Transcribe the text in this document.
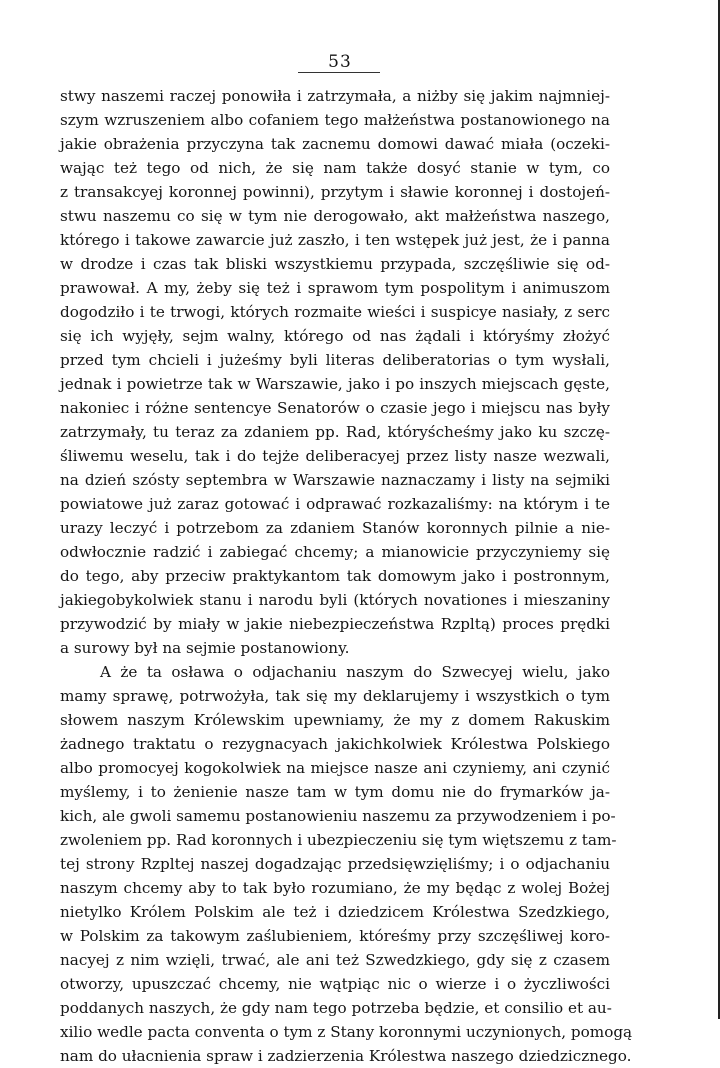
53
stwy naszemi raczej ponowiła i zatrzymała, a niżby się jakim najmniej-
szym wzruszeniem albo cofaniem tego małżeństwa postanowionego na
jakie obrażenia przyczyna tak zacnemu domowi dawać miała (oczeki-
wając też tego od nich, że się nam także dosyć stanie w tym, co
z transakcyej koronnej powinni), przytym i sławie koronnej i dostojeń-
stwu naszemu co się w tym nie derogowało, akt małżeństwa naszego,
którego i takowe zawarcie już zaszło, i ten wstępek już jest, że i panna
w drodze i czas tak bliski wszystkiemu przypada, szczęśliwie się od-
prawował. A my, żeby się też i sprawom tym pospolitym i animuszom
dogodziło i te trwogi, których rozmaite wieści i suspicye nasiały, z serc
się ich wyjęły, sejm walny, którego od nas żądali i któryśmy złożyć
przed tym chcieli i jużeśmy byli literas deliberatorias o tym wysłali,
jednak i powietrze tak w Warszawie, jako i po inszych miejscach gęste,
nakoniec i różne sentencye Senatorów o czasie jego i miejscu nas były
zatrzymały, tu teraz za zdaniem pp. Rad, któryścheśmy jako ku szczę-
śliwemu weselu, tak i do tejże deliberacyej przez listy nasze wezwali,
na dzień szósty septembra w Warszawie naznaczamy i listy na sejmiki
powiatowe już zaraz gotować i odprawać rozkazaliśmy: na którym i te
urazy leczyć i potrzebom za zdaniem Stanów koronnych pilnie a nie-
odwłocznie radzić i zabiegać chcemy; a mianowicie przyczyniemy się
do tego, aby przeciw praktykantom tak domowym jako i postronnym,
jakiegobykolwiek stanu i narodu byli (których novationes i mieszaniny
przywodzić by miały w jakie niebezpieczeństwa Rzpltą) proces prędki
a surowy był na sejmie postanowiony.
A że ta osława o odjachaniu naszym do Szwecyej wielu, jako
mamy sprawę, potrwożyła, tak się my deklarujemy i wszystkich o tym
słowem naszym Królewskim upewniamy, że my z domem Rakuskim
żadnego traktatu o rezygnacyach jakichkolwiek Królestwa Polskiego
albo promocyej kogokolwiek na miejsce nasze ani czyniemy, ani czynić
myślemy, i to żenienie nasze tam w tym domu nie do frymarków ja-
kich, ale gwoli samemu postanowieniu naszemu za przywodzeniem i po-
zwoleniem pp. Rad koronnych i ubezpieczeniu się tym więtszemu z tam-
tej strony Rzpltej naszej dogadzając przedsięwzięliśmy; i o odjachaniu
naszym chcemy aby to tak było rozumiano, że my będąc z wolej Bożej
nietylko Królem Polskim ale też i dziedzicem Królestwa Szedzkiego,
w Polskim za takowym zaślubieniem, któreśmy przy szczęśliwej koro-
nacyej z nim wzięli, trwać, ale ani też Szwedzkiego, gdy się z czasem
otworzy, upuszczać chcemy, nie wątpiąc nic o wierze i o życzliwości
poddanych naszych, że gdy nam tego potrzeba będzie, et consilio et au-
xilio wedle pacta conventa o tym z Stany koronnymi uczynionych, pomogą
nam do ułacnienia spraw i zadzierzenia Królestwa naszego dziedzicznego.
